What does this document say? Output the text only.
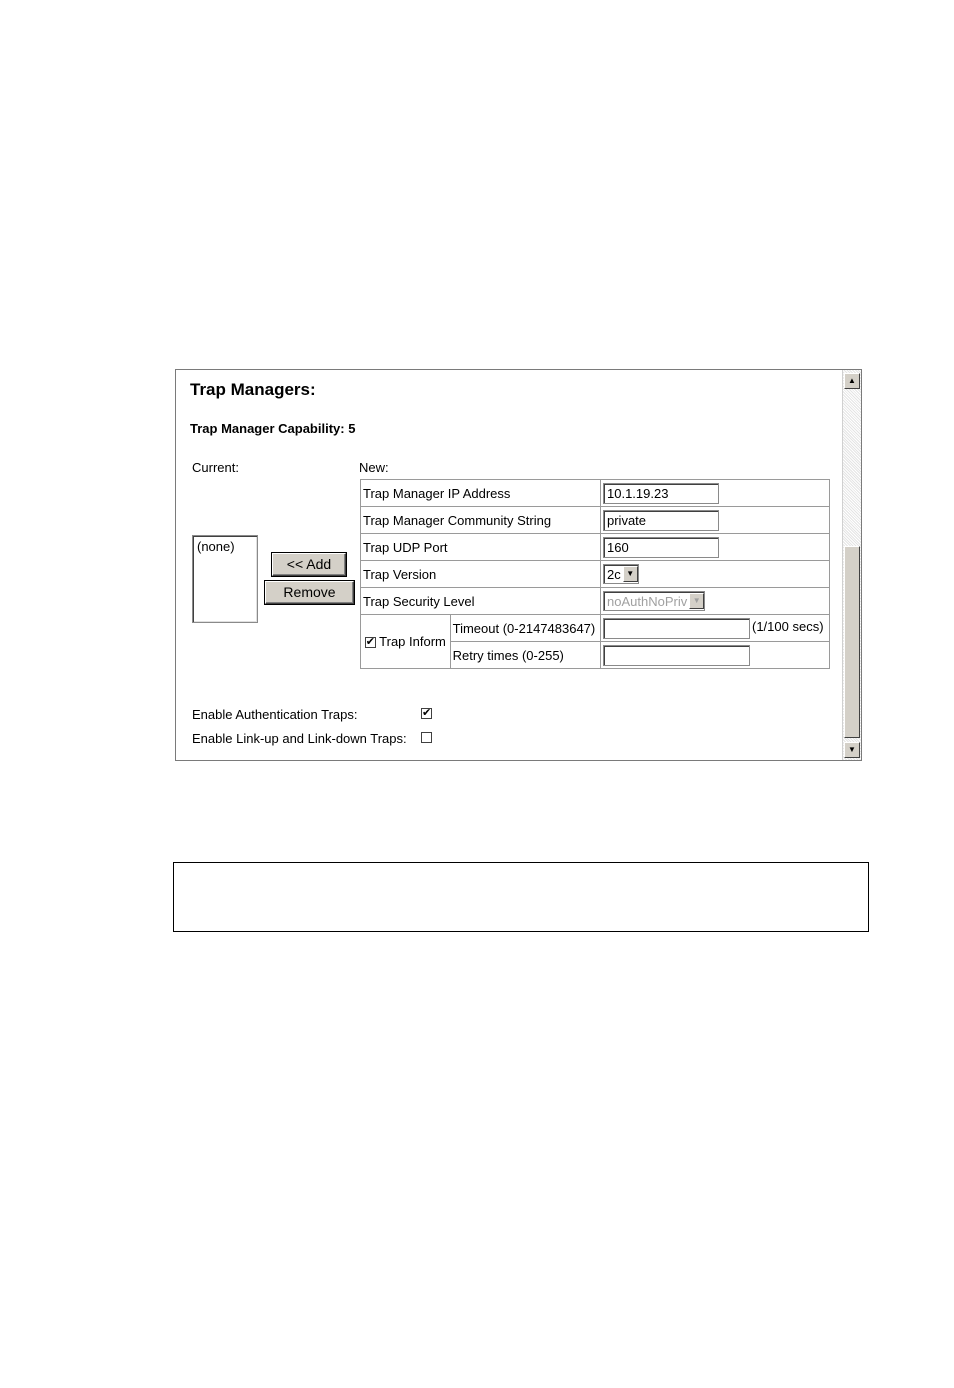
Trap Managers:
Trap Manager Capability: 5
Current:	New:
(none)
<< Add
Remove
Trap Manager IP Address		10.1.19.23
Trap Manager Community String		private
Trap UDP Port		160
Trap Version		2c ▼

Trap Security Level		noAuthNoPriv ▼

✔ Trap Inform	Timeout (0-2147483647)	(1/100 secs)
	Retry times (0-255)	
Enable Authentication Traps:	✔
Enable Link-up and Link-down Traps:
▲
▼
